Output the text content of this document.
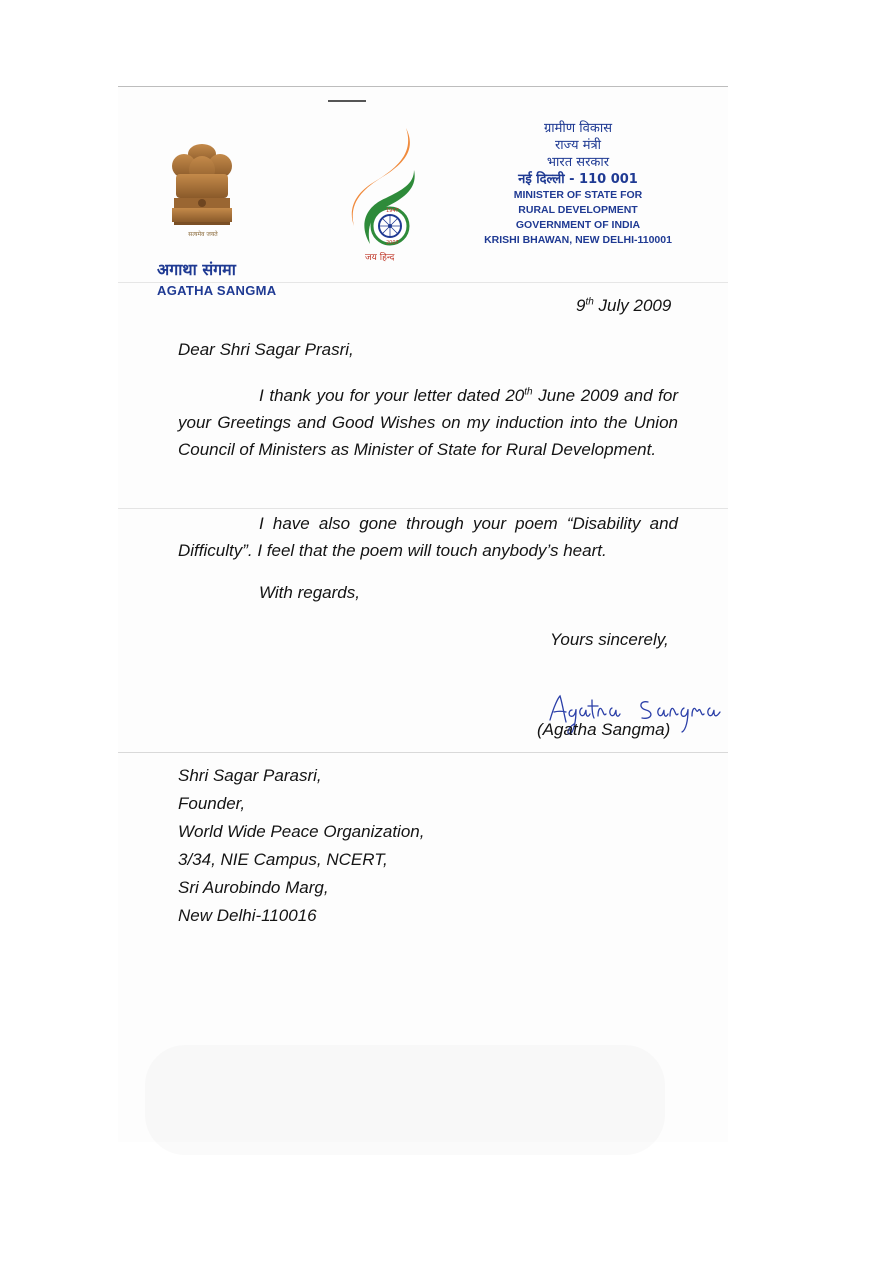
सत्यमेव जयते
1947
2007
जय हिन्द
ग्रामीण विकास
राज्य मंत्री
भारत सरकार
नई दिल्ली - 110 001
MINISTER OF STATE FOR
RURAL DEVELOPMENT
GOVERNMENT OF INDIA
KRISHI BHAWAN, NEW DELHI-110001
अगाथा संगमा
AGATHA SANGMA
9th July 2009
Dear Shri Sagar Prasri,
I thank you for your letter dated 20th June 2009 and for your Greetings and Good Wishes on my induction into the Union Council of Ministers as Minister of State for Rural Development.
I have also gone through your poem “Disability and Difficulty”. I feel that the poem will touch anybody’s heart.
With regards,
Yours sincerely,
(Agatha Sangma)
Shri Sagar Parasri,
Founder,
World Wide Peace Organization,
3/34, NIE Campus, NCERT,
Sri Aurobindo Marg,
New Delhi-110016
